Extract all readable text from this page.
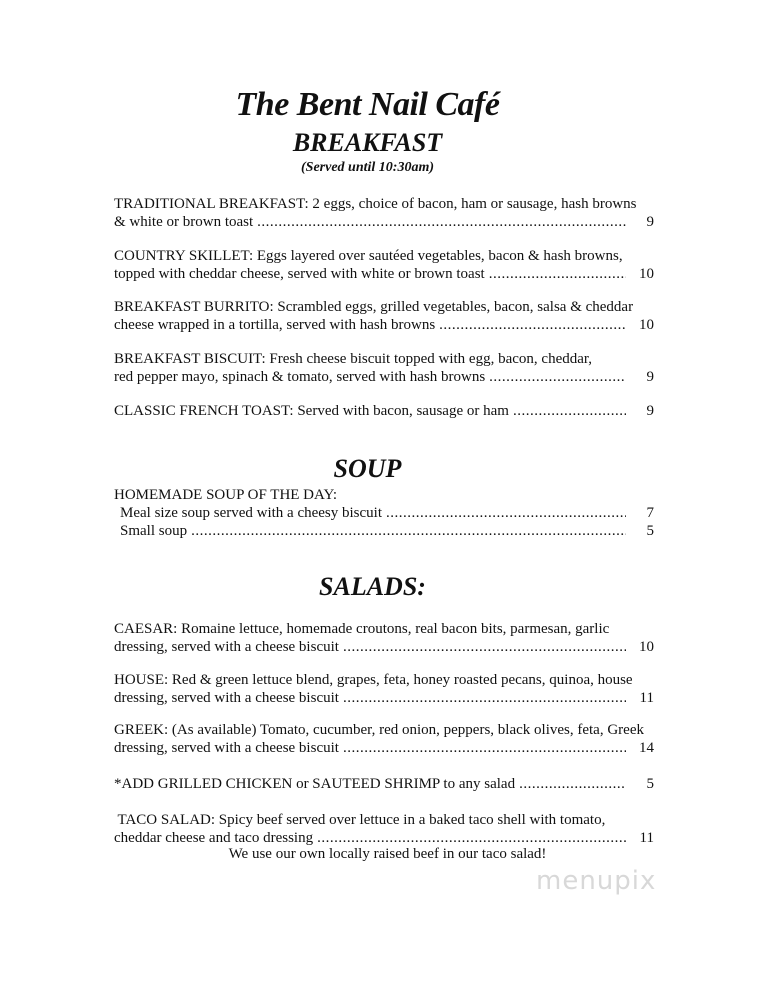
The Bent Nail Café
BREAKFAST
(Served until 10:30am)
TRADITIONAL BREAKFAST: 2 eggs, choice of bacon, ham or sausage, hash browns
& white or brown toast .....	9
COUNTRY SKILLET: Eggs layered over sautéed vegetables, bacon & hash browns,
topped with cheddar cheese, served with white or brown toast .....	10
BREAKFAST BURRITO: Scrambled eggs, grilled vegetables, bacon, salsa & cheddar
cheese wrapped in a tortilla, served with hash browns .....	10
BREAKFAST BISCUIT: Fresh cheese biscuit topped with egg, bacon, cheddar,
red pepper mayo, spinach & tomato, served with hash browns .....	9
CLASSIC FRENCH TOAST: Served with bacon, sausage or ham .....	9
SOUP
HOMEMADE SOUP OF THE DAY:
Meal size soup served with a cheesy biscuit .....	7
Small soup .....	5
SALADS:
CAESAR: Romaine lettuce, homemade croutons, real bacon bits, parmesan, garlic
dressing, served with a cheese biscuit .....	10
HOUSE: Red & green lettuce blend, grapes, feta, honey roasted pecans, quinoa, house
dressing, served with a cheese biscuit .....	11
GREEK: (As available) Tomato, cucumber, red onion, peppers, black olives, feta, Greek
dressing, served with a cheese biscuit .....	14
*ADD GRILLED CHICKEN or SAUTEED SHRIMP to any salad .....	5
TACO SALAD: Spicy beef served over lettuce in a baked taco shell with tomato,
cheddar cheese and taco dressing .....	11
We use our own locally raised beef in our taco salad!
menupix
